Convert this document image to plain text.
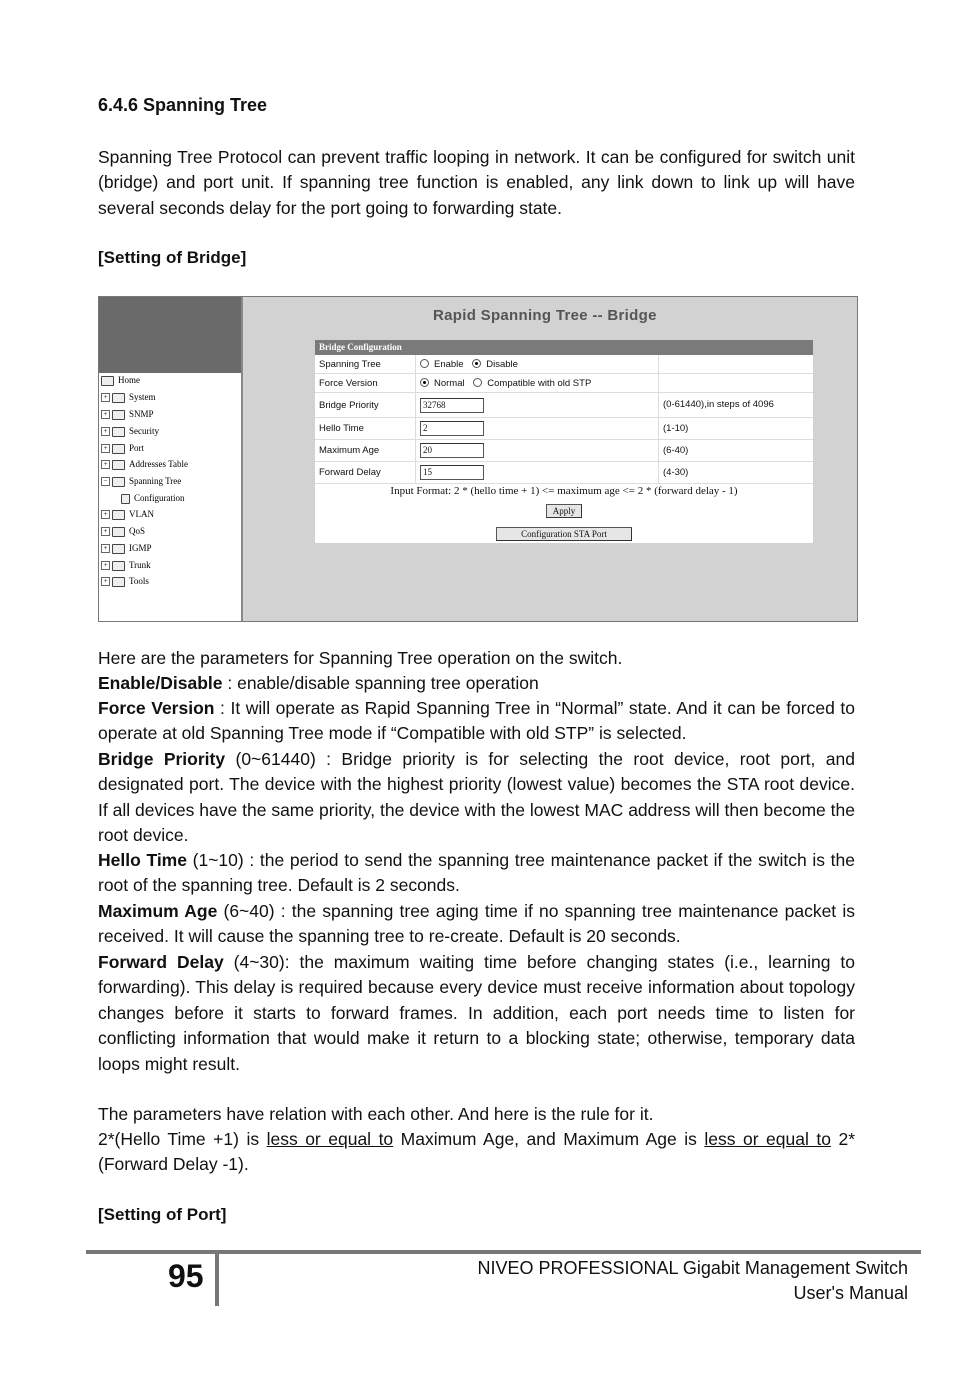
6.4.6 Spanning Tree
Spanning Tree Protocol can prevent traffic looping in network. It can be configured for switch unit (bridge) and port unit. If spanning tree function is enabled, any link down to link up will have several seconds delay for the port going to forwarding state.
[Setting of Bridge]
Home
+ System
+ SNMP
+ Security
+ Port
+ Addresses Table
− Spanning Tree
Configuration
+ VLAN
+ QoS
+ IGMP
+ Trunk
+ Tools
Rapid Spanning Tree -- Bridge
Bridge Configuration
Spanning Tree	Enable Disable	
Force Version	Normal Compatible with old STP	
Bridge Priority	32768	(0-61440),in steps of 4096
Hello Time	2	(1-10)
Maximum Age	20	(6-40)
Forward Delay	15	(4-30)
Input Format: 2 * (hello time + 1) <= maximum age <= 2 * (forward delay - 1)
Apply
Configuration STA Port
Here are the parameters for Spanning Tree operation on the switch.
Enable/Disable : enable/disable spanning tree operation
Force Version : It will operate as Rapid Spanning Tree in “Normal” state. And it can be forced to operate at old Spanning Tree mode if “Compatible with old STP” is selected.
Bridge Priority (0~61440) : Bridge priority is for selecting the root device, root port, and designated port. The device with the highest priority (lowest value) becomes the STA root device. If all devices have the same priority, the device with the lowest MAC address will then become the root device.
Hello Time (1~10) : the period to send the spanning tree maintenance packet if the switch is the root of the spanning tree. Default is 2 seconds.
Maximum Age (6~40) : the spanning tree aging time if no spanning tree maintenance packet is received. It will cause the spanning tree to re-create. Default is 20 seconds.
Forward Delay (4~30): the maximum waiting time before changing states (i.e., learning to forwarding). This delay is required because every device must receive information about topology changes before it starts to forward frames. In addition, each port needs time to listen for conflicting information that would make it return to a blocking state; otherwise, temporary data loops might result.
The parameters have relation with each other. And here is the rule for it.
2*(Hello Time +1) is less or equal to Maximum Age, and Maximum Age is less or equal to 2*(Forward Delay -1).
[Setting of Port]
95	NIVEO PROFESSIONAL Gigabit Management Switch
User's Manual
